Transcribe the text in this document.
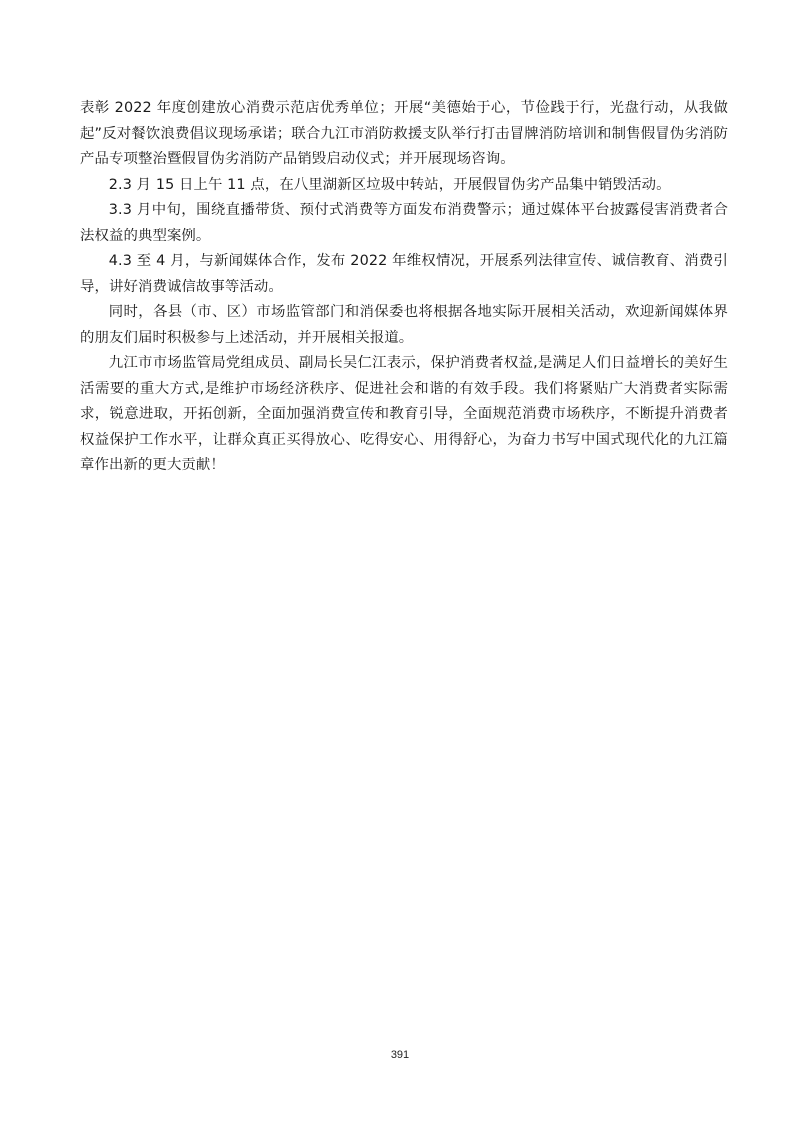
表彰 2022 年度创建放心消费示范店优秀单位；开展“美德始于心，节俭践于行，光盘行动，从我做起”反对餐饮浪费倡议现场承诺；联合九江市消防救援支队举行打击冒牌消防培训和制售假冒伪劣消防产品专项整治暨假冒伪劣消防产品销毁启动仪式；并开展现场咨询。

2.3 月 15 日上午 11 点，在八里湖新区垃圾中转站，开展假冒伪劣产品集中销毁活动。

3.3 月中旬，围绕直播带货、预付式消费等方面发布消费警示；通过媒体平台披露侵害消费者合法权益的典型案例。

4.3 至 4 月，与新闻媒体合作，发布 2022 年维权情况，开展系列法律宣传、诚信教育、消费引导，讲好消费诚信故事等活动。

同时，各县（市、区）市场监管部门和消保委也将根据各地实际开展相关活动，欢迎新闻媒体界的朋友们届时积极参与上述活动，并开展相关报道。

九江市市场监管局党组成员、副局长吴仁江表示，保护消费者权益,是满足人们日益增长的美好生活需要的重大方式,是维护市场经济秩序、促进社会和谐的有效手段。我们将紧贴广大消费者实际需求，锐意进取，开拓创新，全面加强消费宣传和教育引导，全面规范消费市场秩序，不断提升消费者权益保护工作水平，让群众真正买得放心、吃得安心、用得舒心，为奋力书写中国式现代化的九江篇章作出新的更大贡献！

391
